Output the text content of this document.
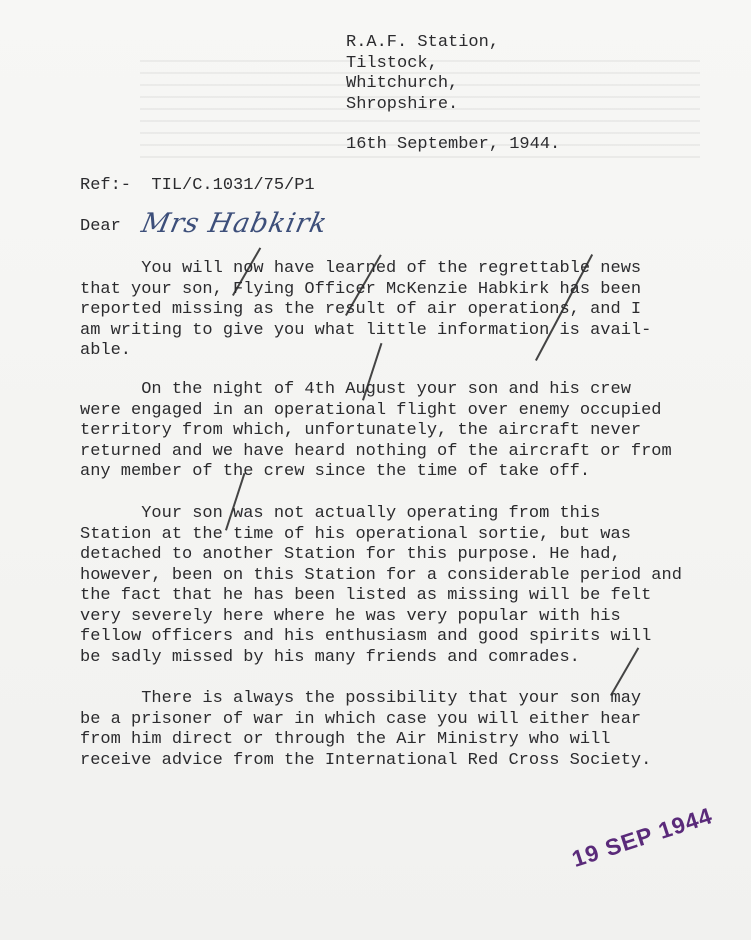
R.A.F. Station,
Tilstock,
Whitchurch,
Shropshire.
16th September, 1944.
Ref:-  TIL/C.1031/75/P1
Dear Mrs Habkirk
You will now have learned of the regrettable news
that your son, Flying Officer McKenzie Habkirk has been
reported missing as the result of air operations, and I
am writing to give you what little information is avail-
able.
On the night of 4th August your son and his crew
were engaged in an operational flight over enemy occupied
territory from which, unfortunately, the aircraft never
returned and we have heard nothing of the aircraft or from
any member of the crew since the time of take off.
Your son was not actually operating from this
Station at the time of his operational sortie, but was
detached to another Station for this purpose. He had,
however, been on this Station for a considerable period and
the fact that he has been listed as missing will be felt
very severely here where he was very popular with his
fellow officers and his enthusiasm and good spirits will
be sadly missed by his many friends and comrades.
There is always the possibility that your son may
be a prisoner of war in which case you will either hear
from him direct or through the Air Ministry who will
receive advice from the International Red Cross Society.
19 SEP 1944
